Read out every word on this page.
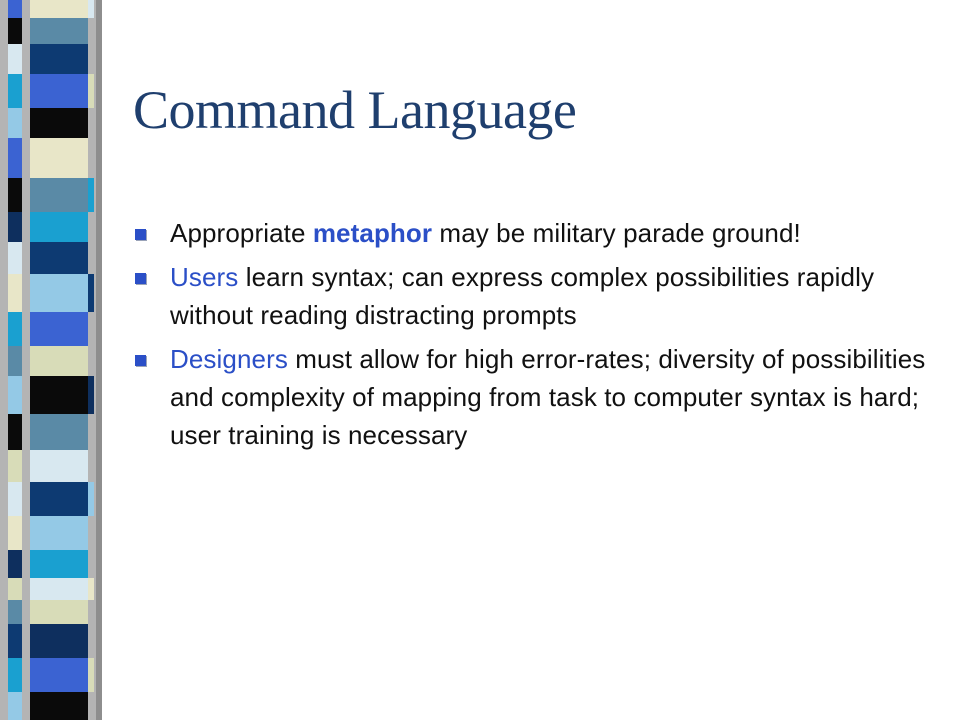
Command Language
Appropriate metaphor may be military parade ground!
Users learn syntax; can express complex possibilities rapidly without reading distracting prompts
Designers must allow for high error-rates; diversity of possibilities and complexity of mapping from task to computer syntax is hard; user training is necessary
